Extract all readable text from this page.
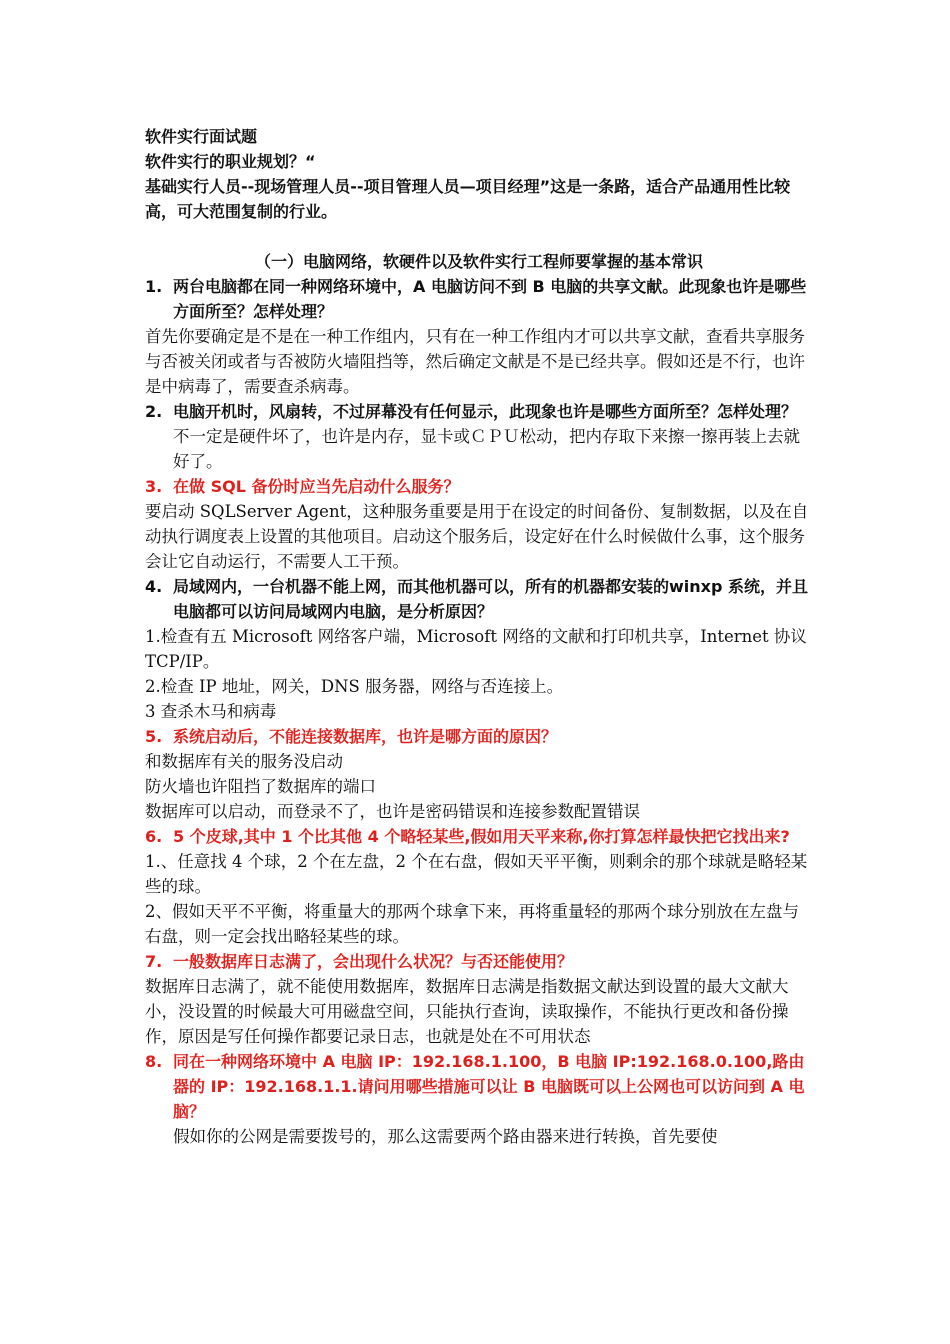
软件实行面试题

软件实行的职业规划？“

基础实行人员--现场管理人员--项目管理人员—项目经理”这是一条路，适合产品通用性比较高，可大范围复制的行业。

（一）电脑网络，软硬件以及软件实行工程师要掌握的基本常识

1. 两台电脑都在同一种网络环境中，A 电脑访问不到 B 电脑的共享文献。此现象也许是哪些方面所至？怎样处理？

首先你要确定是不是在一种工作组内，只有在一种工作组内才可以共享文献，查看共享服务与否被关闭或者与否被防火墙阻挡等，然后确定文献是不是已经共享。假如还是不行，也许是中病毒了，需要查杀病毒。

2. 电脑开机时，风扇转，不过屏幕没有任何显示，此现象也许是哪些方面所至？怎样处理？

不一定是硬件坏了，也许是内存，显卡或ＣＰＵ松动，把内存取下来擦一擦再装上去就好了。

3. 在做 SQL 备份时应当先启动什么服务？

要启动 SQLServer Agent，这种服务重要是用于在设定的时间备份、复制数据，以及在自动执行调度表上设置的其他项目。启动这个服务后，设定好在什么时候做什么事，这个服务会让它自动运行，不需要人工干预。

4. 局域网内，一台机器不能上网，而其他机器可以，所有的机器都安装的winxp 系统，并且电脑都可以访问局域网内电脑，是分析原因？

1.检查有五 Microsoft 网络客户端，Microsoft 网络的文献和打印机共享，Internet 协议 TCP/IP。

2.检查 IP 地址，网关，DNS 服务器，网络与否连接上。

3 查杀木马和病毒

5. 系统启动后，不能连接数据库，也许是哪方面的原因？

和数据库有关的服务没启动

防火墙也许阻挡了数据库的端口

数据库可以启动，而登录不了，也许是密码错误和连接参数配置错误

6. 5 个皮球,其中 1 个比其他 4 个略轻某些,假如用天平来称,你打算怎样最快把它找出来?

1.、任意找 4 个球，2 个在左盘，2 个在右盘，假如天平平衡，则剩余的那个球就是略轻某些的球。

2、假如天平不平衡，将重量大的那两个球拿下来，再将重量轻的那两个球分别放在左盘与右盘，则一定会找出略轻某些的球。

7. 一般数据库日志满了，会出现什么状况？与否还能使用？

数据库日志满了，就不能使用数据库，数据库日志满是指数据文献达到设置的最大文献大小，没设置的时候最大可用磁盘空间，只能执行查询，读取操作，不能执行更改和备份操作，原因是写任何操作都要记录日志，也就是处在不可用状态

8. 同在一种网络环境中 A 电脑 IP：192.168.1.100，B 电脑 IP:192.168.0.100,路由器的 IP：192.168.1.1.请问用哪些措施可以让 B 电脑既可以上公网也可以访问到 A 电脑？

假如你的公网是需要拨号的，那么这需要两个路由器来进行转换，首先要使
